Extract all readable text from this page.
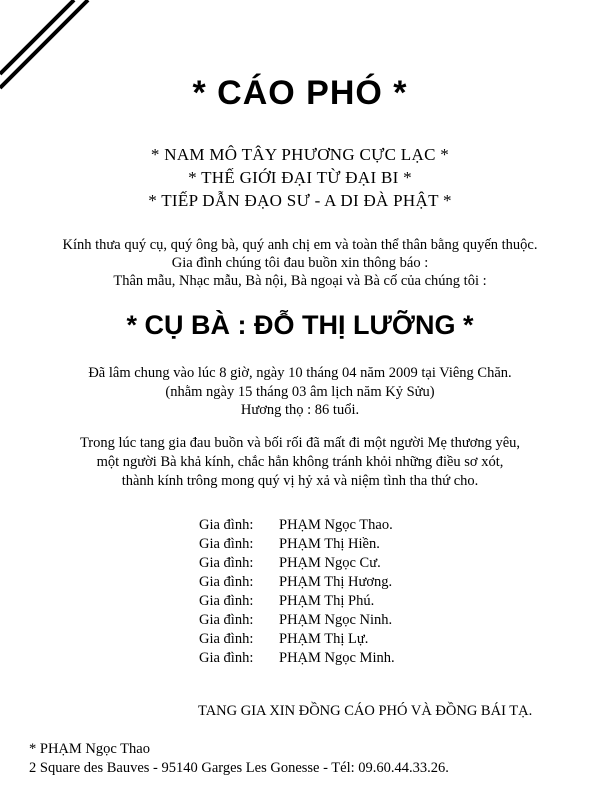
* CÁO PHÓ *
* NAM MÔ TÂY PHƯƠNG CỰC LẠC *
* THẾ GIỚI ĐẠI TỪ ĐẠI BI *
* TIẾP DẪN ĐẠO SƯ - A DI ĐÀ PHẬT *
Kính thưa quý cụ, quý ông bà, quý anh chị em và toàn thể thân bằng quyến thuộc.
Gia đình chúng tôi đau buồn xin thông báo :
Thân mẫu, Nhạc mẫu, Bà nội, Bà ngoại và Bà cố của chúng tôi :
* CỤ BÀ : ĐỖ THỊ LƯỠNG *
Đã lâm chung vào lúc 8 giờ, ngày 10 tháng 04 năm 2009 tại Viêng Chăn.
(nhằm ngày 15 tháng 03 âm lịch năm Kỷ Sửu)
Hương thọ : 86 tuổi.
Trong lúc tang gia đau buồn và bối rối đã mất đi một người Mẹ thương yêu,
một người Bà khả kính, chắc hẳn không tránh khỏi những điều sơ xót,
thành kính trông mong quý vị hỷ xả và niệm tình tha thứ cho.
Gia đình:	PHẠM Ngọc Thao.
Gia đình:	PHẠM Thị Hiền.
Gia đình:	PHẠM Ngọc Cư.
Gia đình:	PHẠM Thị Hương.
Gia đình:	PHẠM Thị Phú.
Gia đình:	PHẠM Ngọc Ninh.
Gia đình:	PHẠM Thị Lự.
Gia đình:	PHẠM Ngọc Minh.
TANG GIA XIN ĐỒNG CÁO PHÓ VÀ ĐỒNG BÁI TẠ.
* PHẠM Ngọc Thao
2 Square des Bauves - 95140 Garges Les Gonesse - Tél: 09.60.44.33.26.
